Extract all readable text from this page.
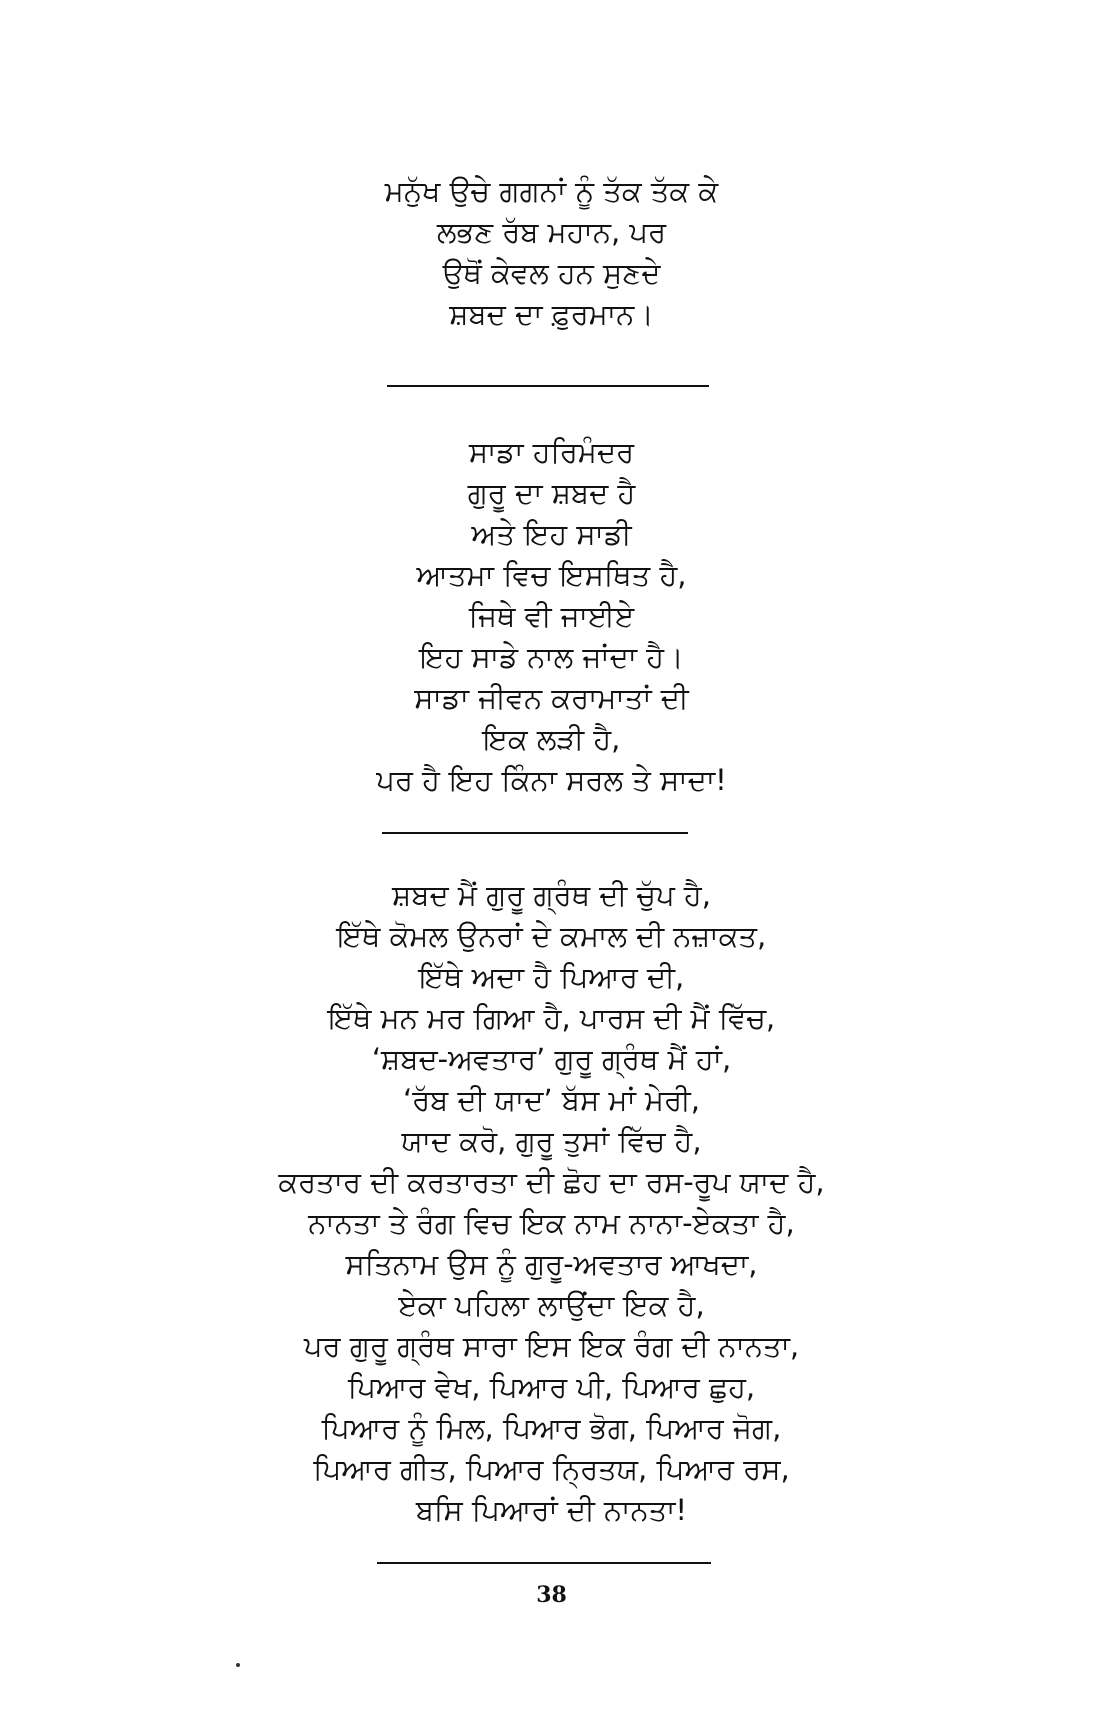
ਮਨੁੱਖ ਉਚੇ ਗਗਨਾਂ ਨੂੰ ਤੱਕ ਤੱਕ ਕੇ
ਲਭਣ ਰੱਬ ਮਹਾਨ, ਪਰ
ਉਥੋਂ ਕੇਵਲ ਹਨ ਸੁਣਦੇ
ਸ਼ਬਦ ਦਾ ਫ਼ੁਰਮਾਨ।
ਸਾਡਾ ਹਰਿਮੰਦਰ
ਗੁਰੂ ਦਾ ਸ਼ਬਦ ਹੈ
ਅਤੇ ਇਹ ਸਾਡੀ
ਆਤਮਾ ਵਿਚ ਇਸਥਿਤ ਹੈ,
ਜਿਥੇ ਵੀ ਜਾਈਏ
ਇਹ ਸਾਡੇ ਨਾਲ ਜਾਂਦਾ ਹੈ।
ਸਾਡਾ ਜੀਵਨ ਕਰਾਮਾਤਾਂ ਦੀ
ਇਕ ਲੜੀ ਹੈ,
ਪਰ ਹੈ ਇਹ ਕਿੰਨਾ ਸਰਲ ਤੇ ਸਾਦਾ!
ਸ਼ਬਦ ਮੈਂ ਗੁਰੂ ਗ੍ਰੰਥ ਦੀ ਚੁੱਪ ਹੈ,
ਇੱਥੇ ਕੋਮਲ ਉਨਰਾਂ ਦੇ ਕਮਾਲ ਦੀ ਨਜ਼ਾਕਤ,
ਇੱਥੇ ਅਦਾ ਹੈ ਪਿਆਰ ਦੀ,
ਇੱਥੇ ਮਨ ਮਰ ਗਿਆ ਹੈ, ਪਾਰਸ ਦੀ ਮੈਂ ਵਿੱਚ,
‘ਸ਼ਬਦ-ਅਵਤਾਰ’ ਗੁਰੂ ਗ੍ਰੰਥ ਮੈਂ ਹਾਂ,
‘ਰੱਬ ਦੀ ਯਾਦ’ ਬੱਸ ਮਾਂ ਮੇਰੀ,
ਯਾਦ ਕਰੋ, ਗੁਰੂ ਤੁਸਾਂ ਵਿੱਚ ਹੈ,
ਕਰਤਾਰ ਦੀ ਕਰਤਾਰਤਾ ਦੀ ਛੋਹ ਦਾ ਰਸ-ਰੂਪ ਯਾਦ ਹੈ,
ਨਾਨਤਾ ਤੇ ਰੰਗ ਵਿਚ ਇਕ ਨਾਮ ਨਾਨਾ-ਏਕਤਾ ਹੈ,
ਸਤਿਨਾਮ ਉਸ ਨੂੰ ਗੁਰੂ-ਅਵਤਾਰ ਆਖਦਾ,
ਏਕਾ ਪਹਿਲਾ ਲਾਉਂਦਾ ਇਕ ਹੈ,
ਪਰ ਗੁਰੂ ਗ੍ਰੰਥ ਸਾਰਾ ਇਸ ਇਕ ਰੰਗ ਦੀ ਨਾਨਤਾ,
ਪਿਆਰ ਵੇਖ, ਪਿਆਰ ਪੀ, ਪਿਆਰ ਛੁਹ,
ਪਿਆਰ ਨੂੰ ਮਿਲ, ਪਿਆਰ ਭੋਗ, ਪਿਆਰ ਜੋਗ,
ਪਿਆਰ ਗੀਤ, ਪਿਆਰ ਨ੍ਰਿਤਯ, ਪਿਆਰ ਰਸ,
ਬਸਿ ਪਿਆਰਾਂ ਦੀ ਨਾਨਤਾ!
38
